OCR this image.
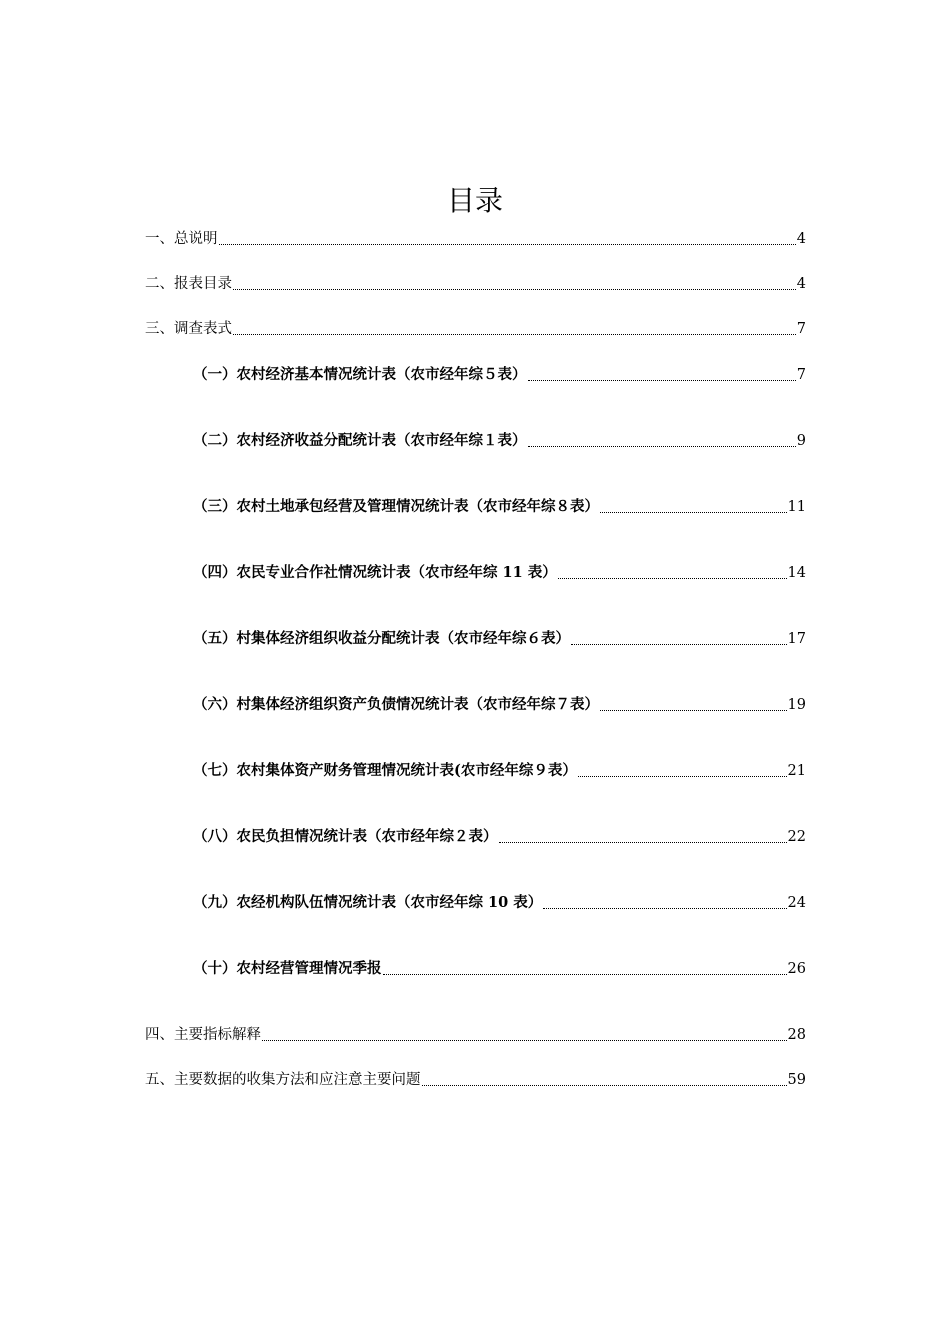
目录
一、总说明	4
二、报表目录	4
三、调查表式	7
（一）农村经济基本情况统计表（农市经年综５表）	7
（二）农村经济收益分配统计表（农市经年综１表）	9
（三）农村土地承包经营及管理情况统计表（农市经年综８表）	11
（四）农民专业合作社情况统计表（农市经年综 11 表）	14
（五）村集体经济组织收益分配统计表（农市经年综６表）	17
（六）村集体经济组织资产负债情况统计表（农市经年综７表）	19
（七）农村集体资产财务管理情况统计表(农市经年综９表）	21
（八）农民负担情况统计表（农市经年综２表）	22
（九）农经机构队伍情况统计表（农市经年综 10 表）	24
（十）农村经营管理情况季报	26
四、主要指标解释	28
五、主要数据的收集方法和应注意主要问题	59
